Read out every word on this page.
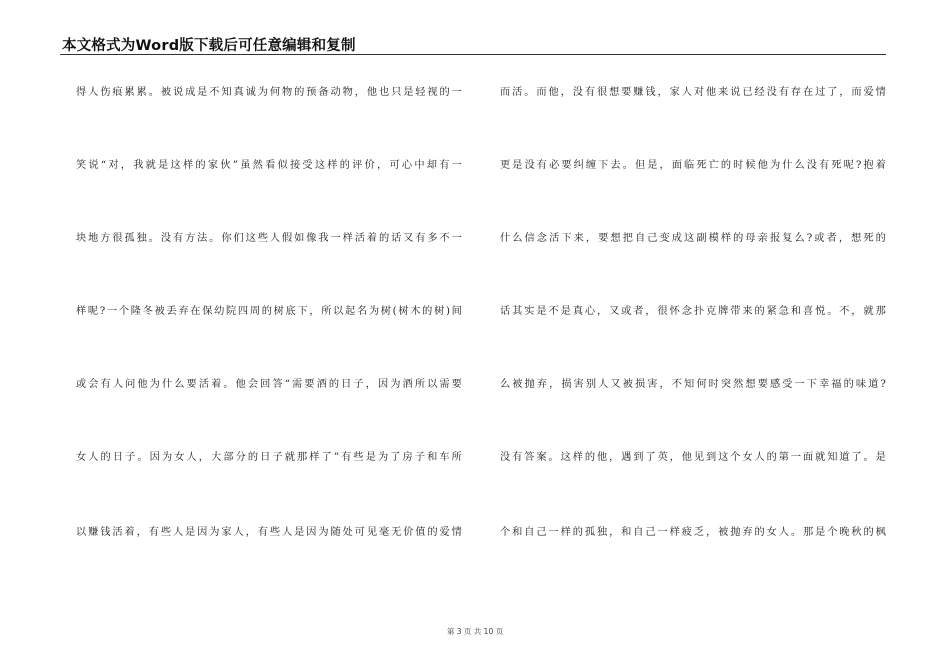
本文格式为Word版下载后可任意编辑和复制
得人伤痕累累。被说成是不知真诚为何物的预备动物，他也只是轻视的一
笑说“对，我就是这样的家伙”虽然看似接受这样的评价，可心中却有一
块地方很孤独。没有方法。你们这些人假如像我一样活着的话又有多不一
样呢?一个隆冬被丢弃在保幼院四周的树底下，所以起名为树(树木的树)间
或会有人问他为什么要活着。他会回答“需要酒的日子，因为酒所以需要
女人的日子。因为女人，大部分的日子就那样了”有些是为了房子和车所
以赚钱活着，有些人是因为家人，有些人是因为随处可见毫无价值的爱情
而活。而他，没有很想要赚钱，家人对他来说已经没有存在过了，而爱情
更是没有必要纠缠下去。但是，面临死亡的时候他为什么没有死呢?抱着
什么信念活下来，要想把自己变成这副模样的母亲报复么?或者，想死的
话其实是不是真心，又或者，很怀念扑克牌带来的紧急和喜悦。不，就那
么被抛弃，损害别人又被损害，不知何时突然想要感受一下幸福的味道?
没有答案。这样的他，遇到了英，他见到这个女人的第一面就知道了。是
个和自己一样的孤独，和自己一样疲乏，被抛弃的女人。那是个晚秋的枫
第 3 页 共 10 页
